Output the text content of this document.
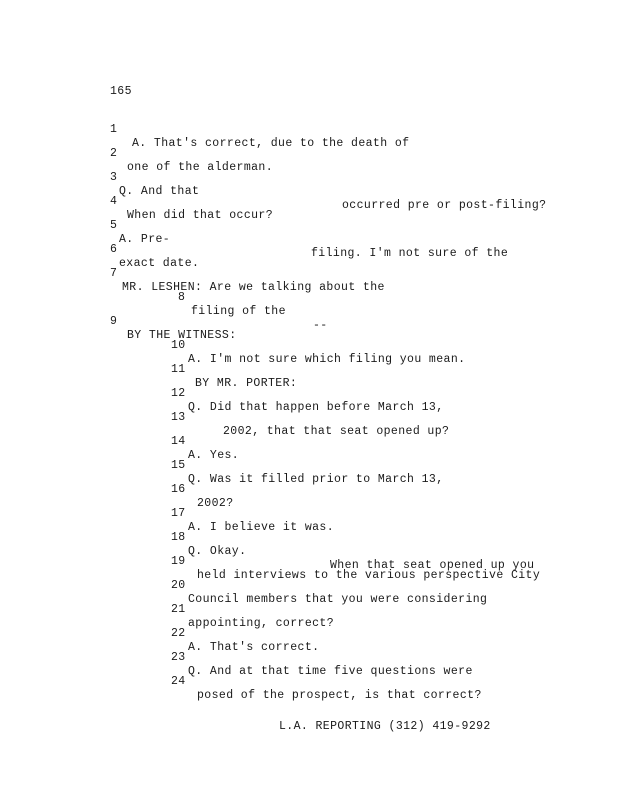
165

1

A. That's correct, due to the death of

2

one of the alderman.

3

Q. And that

occurred pre or post-filing?

4

When did that occur?

5

A. Pre-

filing. I'm not sure of the

6

exact date.

7

MR. LESHEN: Are we talking about the

8

filing of the

--

9

BY THE WITNESS:

10

A. I'm not sure which filing you mean.

11

BY MR. PORTER:

12

Q. Did that happen before March 13,

13

2002, that that seat opened up?

14

A. Yes.

15

Q. Was it filled prior to March 13,

16

2002?

17

A. I believe it was.

18

Q. Okay.

When that seat opened up you

19

held interviews to the various perspective City

20

Council members that you were considering

21

appointing, correct?

22

A. That's correct.

23

Q. And at that time five questions were

24

posed of the prospect, is that correct?

L.A. REPORTING (312) 419-9292
